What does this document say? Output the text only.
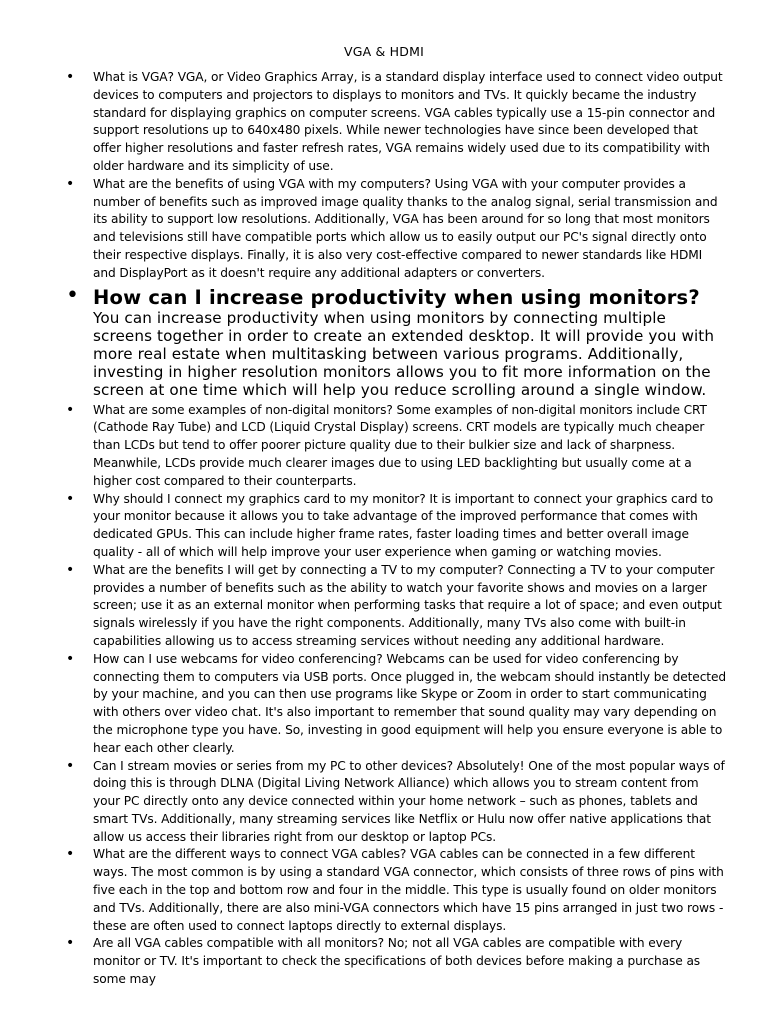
VGA & HDMI
• What is VGA? VGA, or Video Graphics Array, is a standard display interface used to connect video output devices to computers and projectors to displays to monitors and TVs. It quickly became the industry standard for displaying graphics on computer screens. VGA cables typically use a 15-pin connector and support resolutions up to 640x480 pixels. While newer technologies have since been developed that offer higher resolutions and faster refresh rates, VGA remains widely used due to its compatibility with older hardware and its simplicity of use.
• What are the benefits of using VGA with my computers? Using VGA with your computer provides a number of benefits such as improved image quality thanks to the analog signal, serial transmission and its ability to support low resolutions. Additionally, VGA has been around for so long that most monitors and televisions still have compatible ports which allow us to easily output our PC's signal directly onto their respective displays. Finally, it is also very cost-effective compared to newer standards like HDMI and DisplayPort as it doesn't require any additional adapters or converters.
• How can I increase productivity when using monitors? You can increase productivity when using monitors by connecting multiple screens together in order to create an extended desktop. It will provide you with more real estate when multitasking between various programs. Additionally, investing in higher resolution monitors allows you to fit more information on the screen at one time which will help you reduce scrolling around a single window.
• What are some examples of non-digital monitors? Some examples of non-digital monitors include CRT (Cathode Ray Tube) and LCD (Liquid Crystal Display) screens. CRT models are typically much cheaper than LCDs but tend to offer poorer picture quality due to their bulkier size and lack of sharpness. Meanwhile, LCDs provide much clearer images due to using LED backlighting but usually come at a higher cost compared to their counterparts.
• Why should I connect my graphics card to my monitor? It is important to connect your graphics card to your monitor because it allows you to take advantage of the improved performance that comes with dedicated GPUs. This can include higher frame rates, faster loading times and better overall image quality - all of which will help improve your user experience when gaming or watching movies.
• What are the benefits I will get by connecting a TV to my computer? Connecting a TV to your computer provides a number of benefits such as the ability to watch your favorite shows and movies on a larger screen; use it as an external monitor when performing tasks that require a lot of space; and even output signals wirelessly if you have the right components. Additionally, many TVs also come with built-in capabilities allowing us to access streaming services without needing any additional hardware.
• How can I use webcams for video conferencing? Webcams can be used for video conferencing by connecting them to computers via USB ports. Once plugged in, the webcam should instantly be detected by your machine, and you can then use programs like Skype or Zoom in order to start communicating with others over video chat. It's also important to remember that sound quality may vary depending on the microphone type you have. So, investing in good equipment will help you ensure everyone is able to hear each other clearly.
• Can I stream movies or series from my PC to other devices? Absolutely! One of the most popular ways of doing this is through DLNA (Digital Living Network Alliance) which allows you to stream content from your PC directly onto any device connected within your home network – such as phones, tablets and smart TVs. Additionally, many streaming services like Netflix or Hulu now offer native applications that allow us access their libraries right from our desktop or laptop PCs.
• What are the different ways to connect VGA cables? VGA cables can be connected in a few different ways. The most common is by using a standard VGA connector, which consists of three rows of pins with five each in the top and bottom row and four in the middle. This type is usually found on older monitors and TVs. Additionally, there are also mini-VGA connectors which have 15 pins arranged in just two rows - these are often used to connect laptops directly to external displays.
• Are all VGA cables compatible with all monitors? No; not all VGA cables are compatible with every monitor or TV. It's important to check the specifications of both devices before making a purchase as some may
